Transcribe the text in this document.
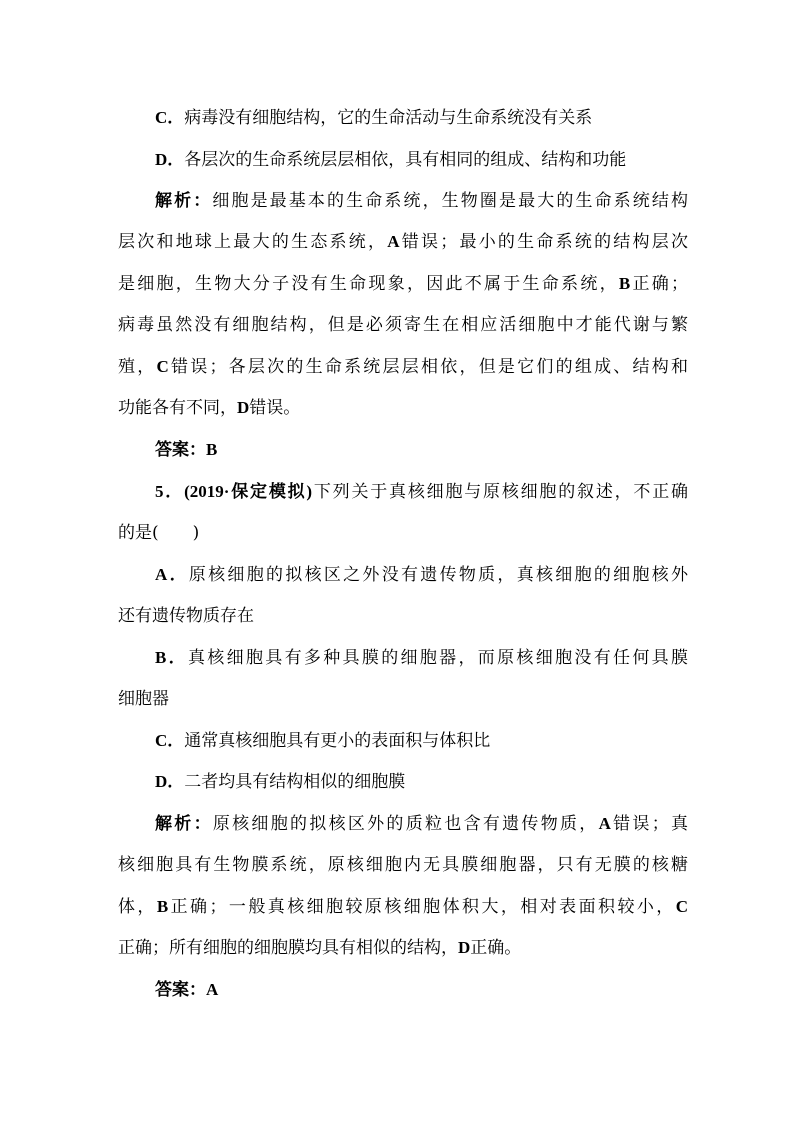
C．病毒没有细胞结构，它的生命活动与生命系统没有关系
D．各层次的生命系统层层相依，具有相同的组成、结构和功能
解析：细胞是最基本的生命系统，生物圈是最大的生命系统结构
层次和地球上最大的生态系统，A错误；最小的生命系统的结构层次
是细胞，生物大分子没有生命现象，因此不属于生命系统，B正确；
病毒虽然没有细胞结构，但是必须寄生在相应活细胞中才能代谢与繁
殖，C错误；各层次的生命系统层层相依，但是它们的组成、结构和
功能各有不同，D错误。
答案：B
5．(2019·保定模拟)下列关于真核细胞与原核细胞的叙述，不正确
的是(　　)
A．原核细胞的拟核区之外没有遗传物质，真核细胞的细胞核外
还有遗传物质存在
B．真核细胞具有多种具膜的细胞器，而原核细胞没有任何具膜
细胞器
C．通常真核细胞具有更小的表面积与体积比
D．二者均具有结构相似的细胞膜
解析：原核细胞的拟核区外的质粒也含有遗传物质，A错误；真
核细胞具有生物膜系统，原核细胞内无具膜细胞器，只有无膜的核糖
体，B正确；一般真核细胞较原核细胞体积大，相对表面积较小，C
正确；所有细胞的细胞膜均具有相似的结构，D正确。
答案：A
